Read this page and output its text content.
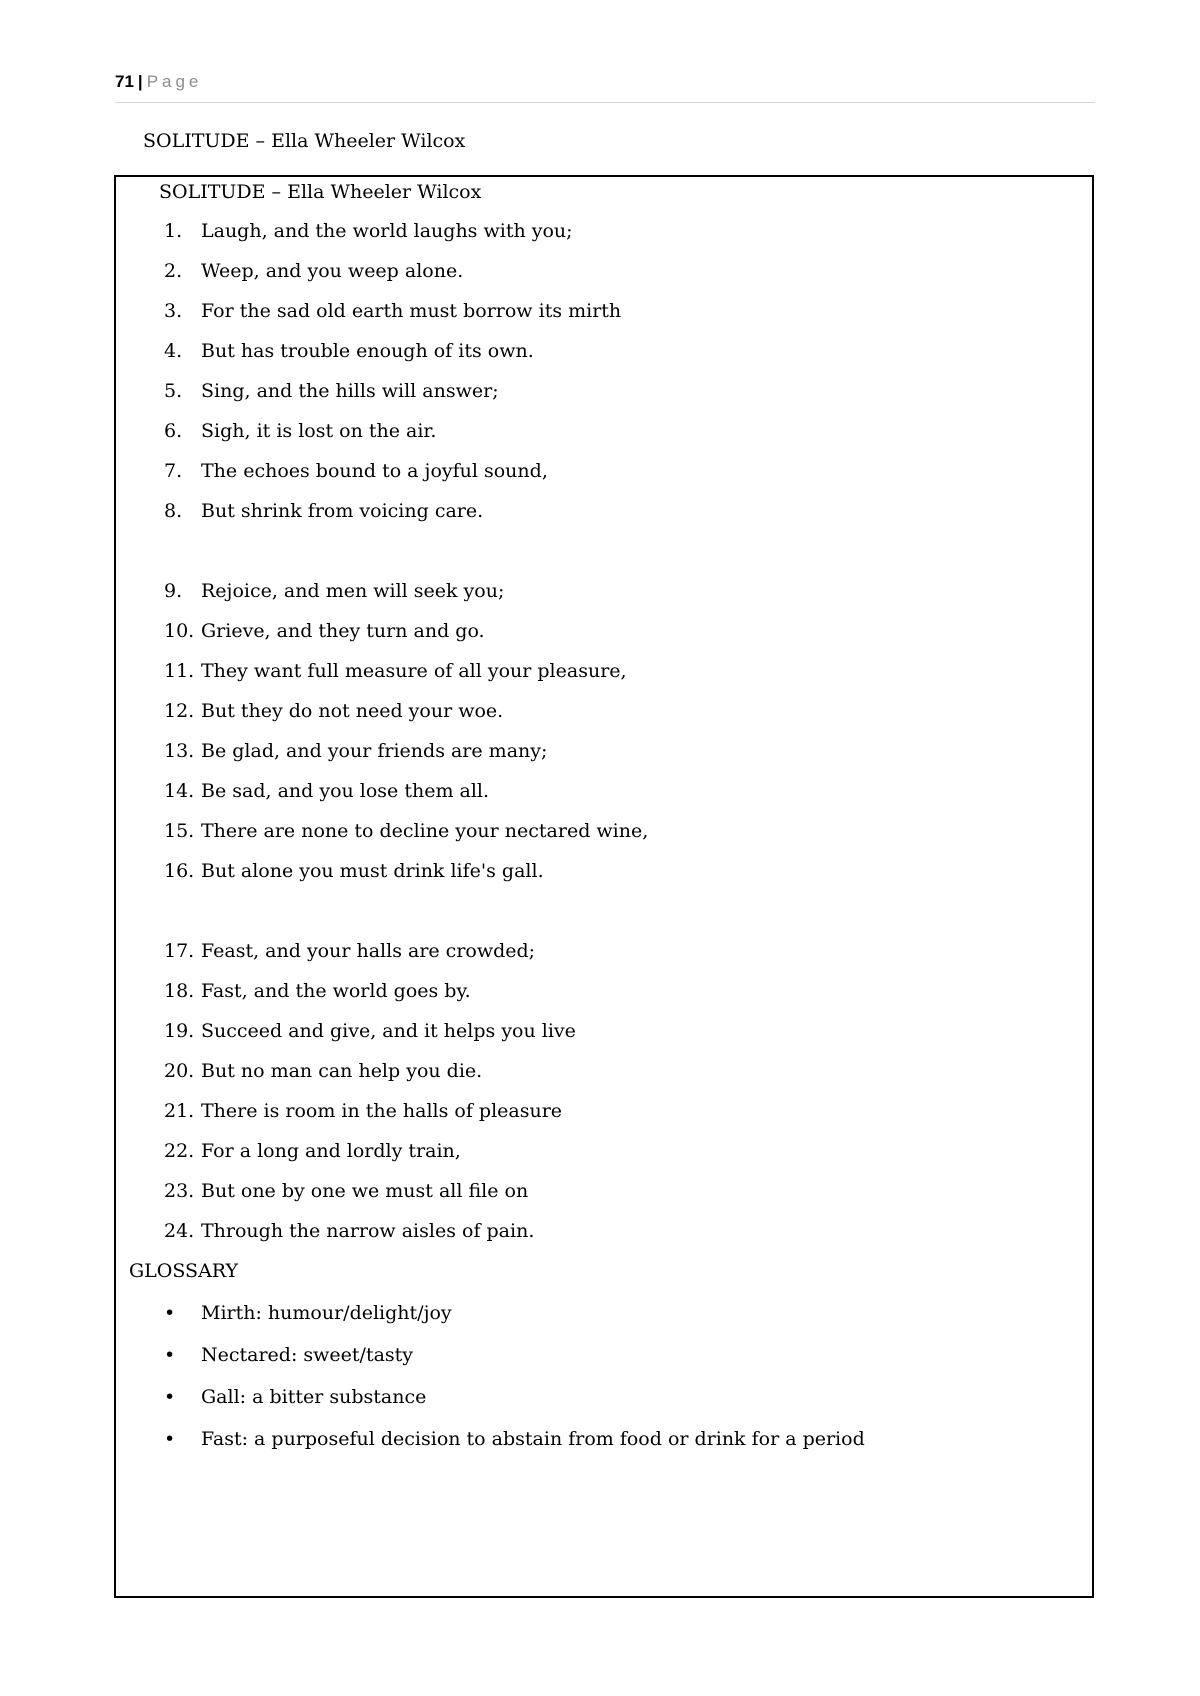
71 | Page
SOLITUDE – Ella Wheeler Wilcox
SOLITUDE – Ella Wheeler Wilcox
1. Laugh, and the world laughs with you;
2. Weep, and you weep alone.
3. For the sad old earth must borrow its mirth
4. But has trouble enough of its own.
5. Sing, and the hills will answer;
6. Sigh, it is lost on the air.
7. The echoes bound to a joyful sound,
8. But shrink from voicing care.
9. Rejoice, and men will seek you;
10. Grieve, and they turn and go.
11. They want full measure of all your pleasure,
12. But they do not need your woe.
13. Be glad, and your friends are many;
14. Be sad, and you lose them all.
15. There are none to decline your nectared wine,
16. But alone you must drink life's gall.
17. Feast, and your halls are crowded;
18. Fast, and the world goes by.
19. Succeed and give, and it helps you live
20. But no man can help you die.
21. There is room in the halls of pleasure
22. For a long and lordly train,
23. But one by one we must all file on
24. Through the narrow aisles of pain.
GLOSSARY
• Mirth: humour/delight/joy
• Nectared: sweet/tasty
• Gall: a bitter substance
• Fast: a purposeful decision to abstain from food or drink for a period
